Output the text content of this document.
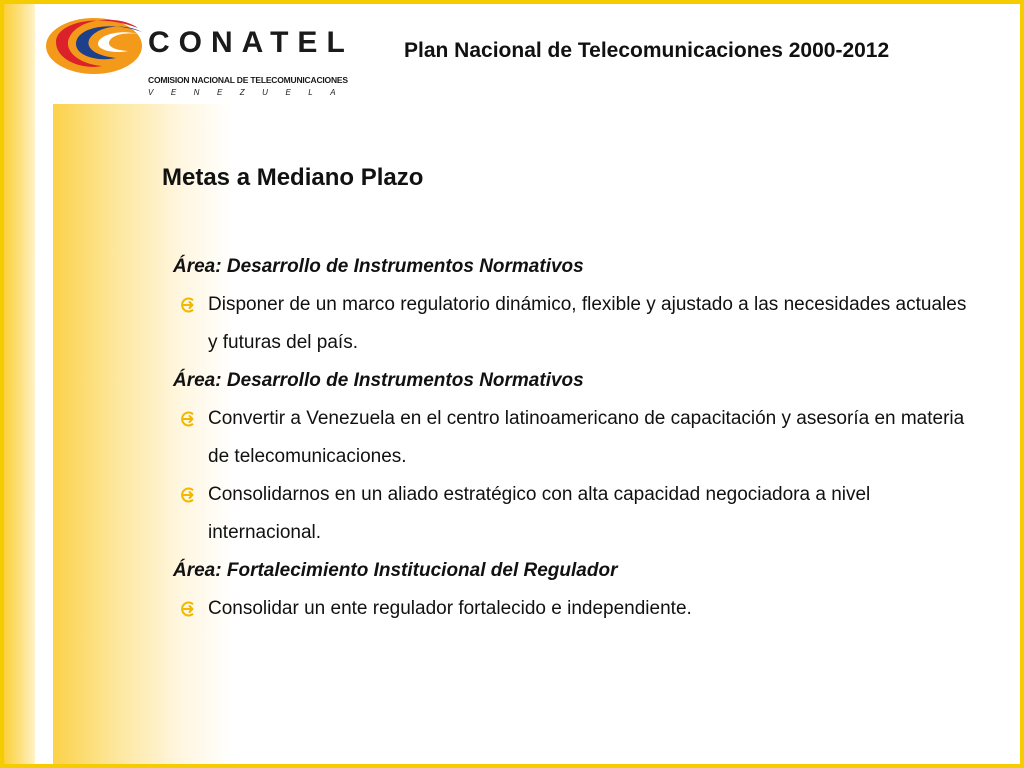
CONATEL
COMISION NACIONAL DE TELECOMUNICACIONES
VENEZUELA
Plan Nacional de Telecomunicaciones 2000-2012
Metas a Mediano Plazo
Área: Desarrollo de Instrumentos Normativos
Disponer de un marco regulatorio dinámico, flexible y ajustado a las necesidades actuales y futuras del país.
Área: Desarrollo de Instrumentos Normativos
Convertir a Venezuela en el centro latinoamericano de capacitación y asesoría en materia de telecomunicaciones.
Consolidarnos en un aliado estratégico con alta capacidad negociadora a nivel internacional.
Área: Fortalecimiento Institucional del Regulador
Consolidar un ente regulador fortalecido e independiente.
